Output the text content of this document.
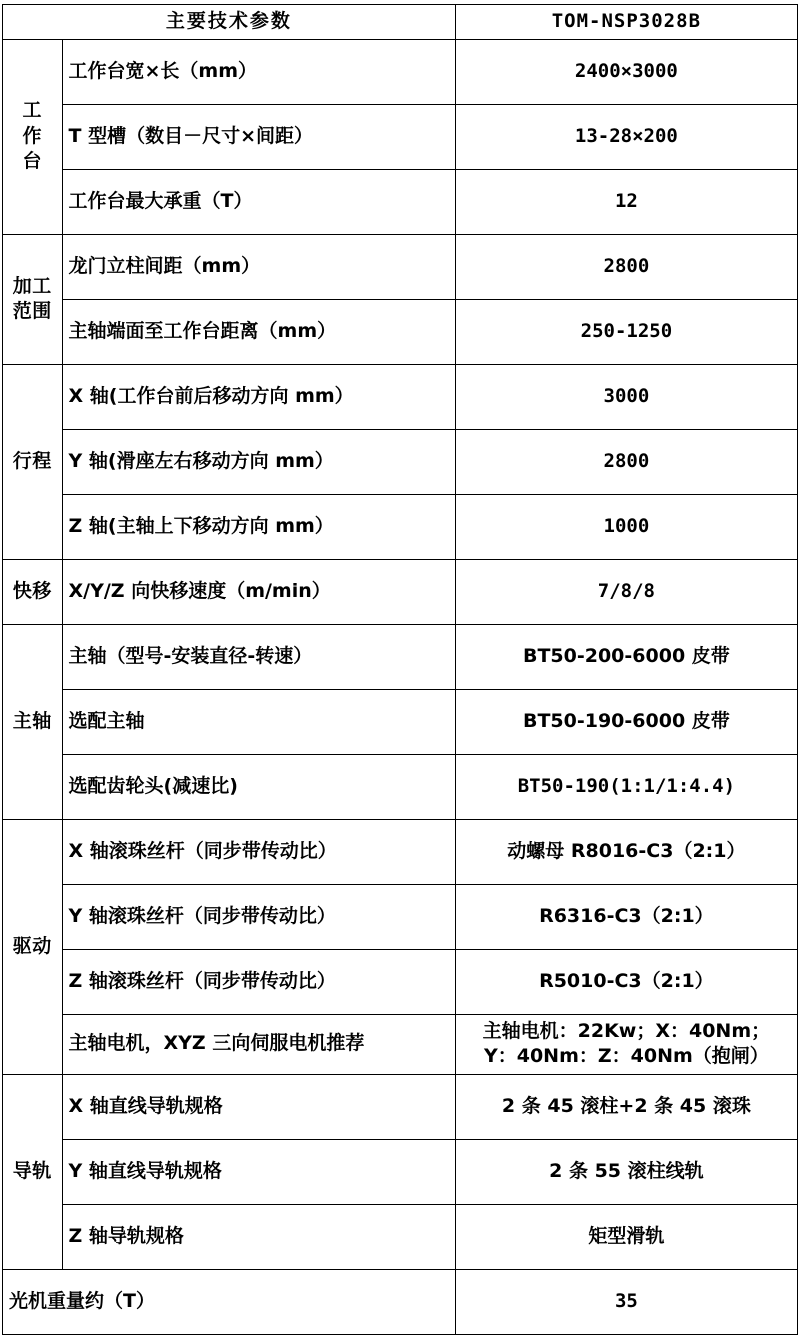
主要技术参数		TOM-NSP3028B

工
作
台	工作台宽×长（mm）	2400×3000
	T 型槽（数目－尺寸×间距）	13-28×200
	工作台最大承重（T）	12

加工
范围	龙门立柱间距（mm）	2800
	主轴端面至工作台距离（mm）	250-1250
行程	X 轴(工作台前后移动方向 mm）	3000
	Y 轴(滑座左右移动方向 mm）	2800
	Z 轴(主轴上下移动方向 mm）	1000
快移	X/Y/Z 向快移速度（m/min）	7/8/8
主轴	主轴（型号-安装直径-转速）	BT50-200-6000 皮带
	选配主轴	BT50-190-6000 皮带
	选配齿轮头(减速比)	BT50-190(1:1/1:4.4)
驱动	X 轴滚珠丝杆（同步带传动比）	动螺母 R8016-C3（2:1）
	Y 轴滚珠丝杆（同步带传动比）	R6316-C3（2:1）
	Z 轴滚珠丝杆（同步带传动比）	R5010-C3（2:1）
	主轴电机，XYZ 三向伺服电机推荐	主轴电机：22Kw；X：40Nm；
Y：40Nm：Z：40Nm（抱闸）

导轨	X 轴直线导轨规格	2 条 45 滚柱+2 条 45 滚珠
	Y 轴直线导轨规格	2 条 55 滚柱线轨
	Z 轴导轨规格	矩型滑轨
光机重量约（T）		35
